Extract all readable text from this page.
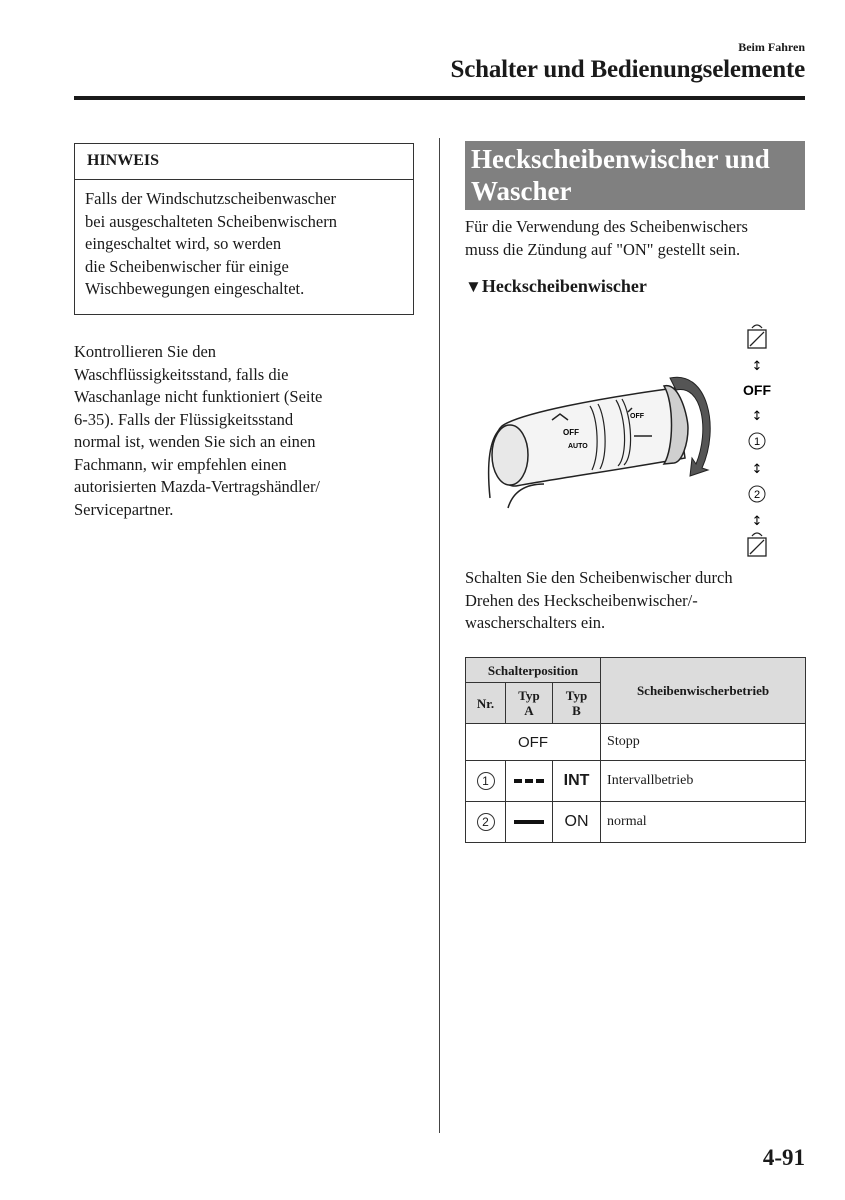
Beim Fahren
Schalter und Bedienungselemente
HINWEIS
Falls der Windschutzscheibenwascher
bei ausgeschalteten Scheibenwischern
eingeschaltet wird, so werden
die Scheibenwischer für einige
Wischbewegungen eingeschaltet.
Kontrollieren Sie den
Waschflüssigkeitsstand, falls die
Waschanlage nicht funktioniert (Seite
6-35). Falls der Flüssigkeitsstand
normal ist, wenden Sie sich an einen
Fachmann, wir empfehlen einen
autorisierten Mazda-Vertragshändler/
Servicepartner.
Heckscheibenwischer und
Wascher
Für die Verwendung des Scheibenwischers
muss die Zündung auf "ON" gestellt sein.
▼Heckscheibenwischer
OFF
AUTO
OFF
↕
OFF
↕
1
↕
2
↕
Schalten Sie den Scheibenwischer durch
Drehen des Heckscheibenwischer/-
wascherschalters ein.
Schalterposition			Scheibenwischerbetrieb
Nr.	Typ A	Typ B	
OFF			Stopp
1		INT	Intervallbetrieb
2		ON	normal
4-91
